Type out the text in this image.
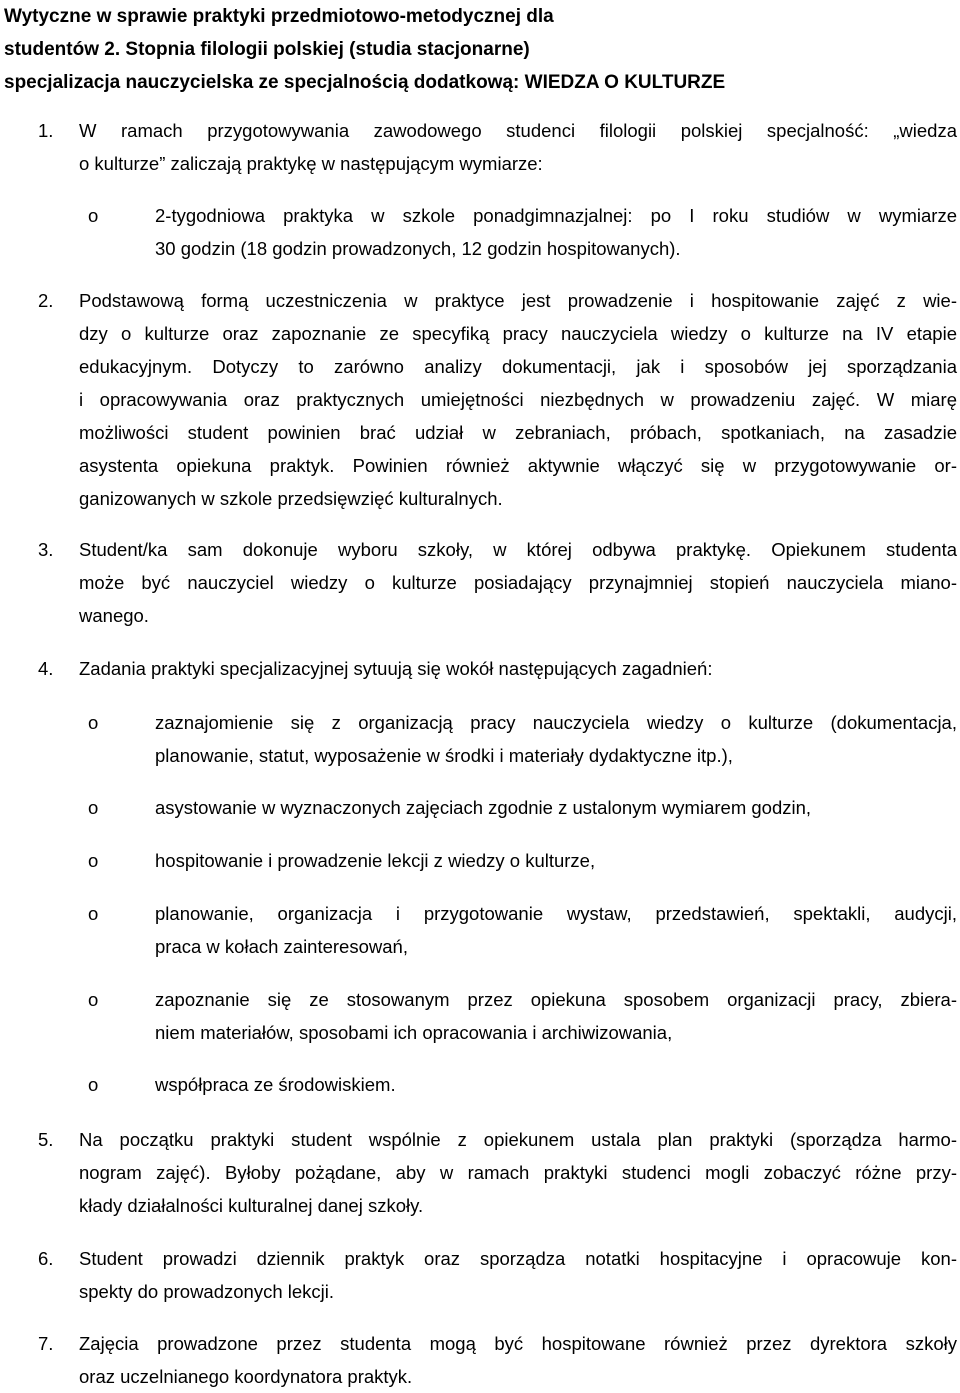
Wytyczne w sprawie praktyki przedmiotowo-metodycznej dla
studentów 2. Stopnia filologii polskiej (studia stacjonarne)
specjalizacja nauczycielska ze specjalnością dodatkową: WIEDZA O KULTURZE
1. W ramach przygotowywania zawodowego studenci filologii polskiej specjalność: „wiedza
o kulturze” zaliczają praktykę w następującym wymiarze:
o	2-tygodniowa praktyka w szkole ponadgimnazjalnej: po I roku studiów w wymiarze
30 godzin (18 godzin prowadzonych, 12 godzin hospitowanych).
2. Podstawową formą uczestniczenia w praktyce jest prowadzenie i hospitowanie zajęć z wie-
dzy o kulturze oraz zapoznanie ze specyfiką pracy nauczyciela wiedzy o kulturze na IV etapie
edukacyjnym. Dotyczy to zarówno analizy dokumentacji, jak i sposobów jej sporządzania
i opracowywania oraz praktycznych umiejętności niezbędnych w prowadzeniu zajęć. W miarę
możliwości student powinien brać udział w zebraniach, próbach, spotkaniach, na zasadzie
asystenta opiekuna praktyk. Powinien również aktywnie włączyć się w przygotowywanie or-
ganizowanych w szkole przedsięwzięć kulturalnych.
3. Student/ka sam dokonuje wyboru szkoły, w której odbywa praktykę. Opiekunem studenta
może być nauczyciel wiedzy o kulturze posiadający przynajmniej stopień nauczyciela miano-
wanego.
4. Zadania praktyki specjalizacyjnej sytuują się wokół następujących zagadnień:
o	zaznajomienie się z organizacją pracy nauczyciela wiedzy o kulturze (dokumentacja,
planowanie, statut, wyposażenie w środki i materiały dydaktyczne itp.),
o	asystowanie w wyznaczonych zajęciach zgodnie z ustalonym wymiarem godzin,
o	hospitowanie i prowadzenie lekcji z wiedzy o kulturze,
o	planowanie, organizacja i przygotowanie wystaw, przedstawień, spektakli, audycji,
praca w kołach zainteresowań,
o	zapoznanie się ze stosowanym przez opiekuna sposobem organizacji pracy, zbiera-
niem materiałów, sposobami ich opracowania i archiwizowania,
o	współpraca ze środowiskiem.
5. Na początku praktyki student wspólnie z opiekunem ustala plan praktyki (sporządza harmo-
nogram zajęć). Byłoby pożądane, aby w ramach praktyki studenci mogli zobaczyć różne przy-
kłady działalności kulturalnej danej szkoły.
6. Student prowadzi dziennik praktyk oraz sporządza notatki hospitacyjne i opracowuje kon-
spekty do prowadzonych lekcji.
7. Zajęcia prowadzone przez studenta mogą być hospitowane również przez dyrektora szkoły
oraz uczelnianego koordynatora praktyk.
